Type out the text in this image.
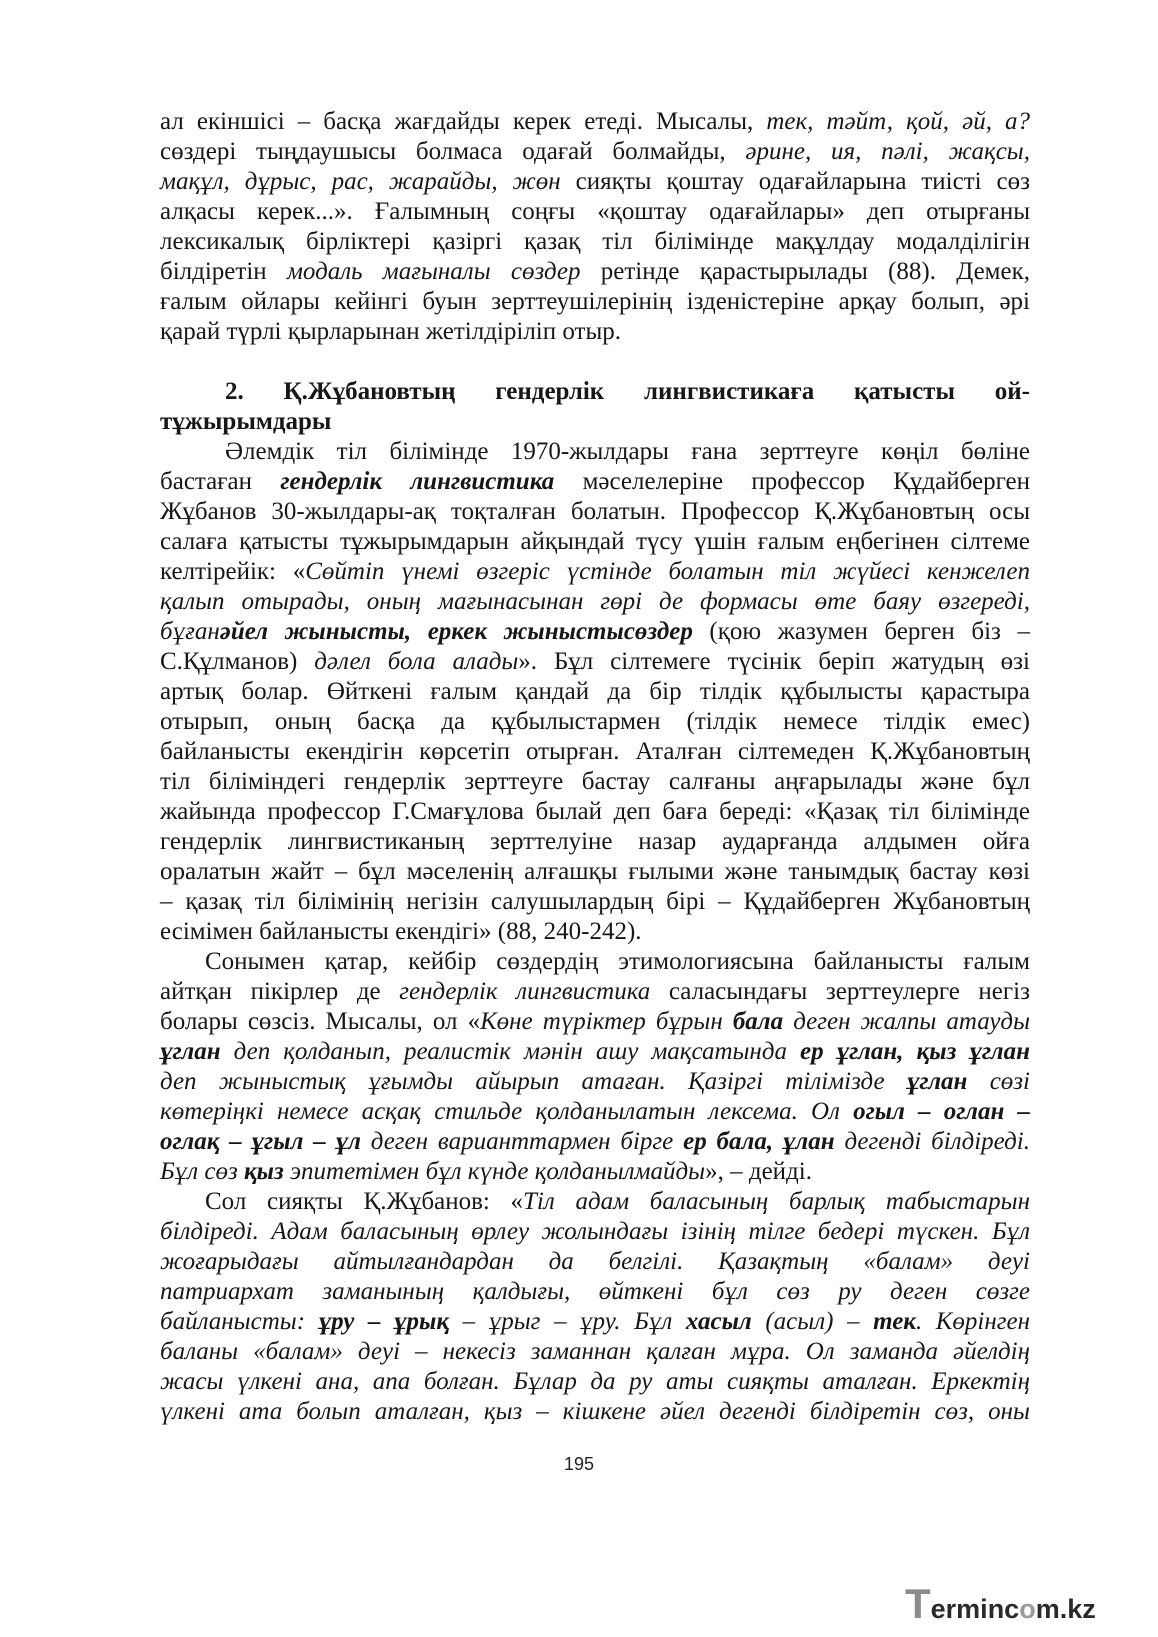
ал екіншісі – басқа жағдайды керек етеді. Мысалы, тек, тәйт, қой, әй, а?
сөздері тыңдаушысы болмаса одағай болмайды, әрине, ия, пәлі, жақсы,
мақұл, дұрыс, рас, жарайды, жөн сияқты қоштау одағайларына тиісті сөз
алқасы керек...». Ғалымның соңғы «қоштау одағайлары» деп отырғаны
лексикалық бірліктері қазіргі қазақ тіл білімінде мақұлдау модалділігін
білдіретін модаль мағыналы сөздер ретінде қарастырылады (88). Демек,
ғалым ойлары кейінгі буын зерттеушілерінің ізденістеріне арқау болып, әрі
қарай түрлі қырларынан жетілдіріліп отыр.
2. Қ.Жұбановтың гендерлік лингвистикаға қатысты ой-
тұжырымдары
Әлемдік тіл білімінде 1970-жылдары ғана зерттеуге көңіл бөліне
бастаған гендерлік лингвистика мәселелеріне профессор Құдайберген
Жұбанов 30-жылдары-ақ тоқталған болатын. Профессор Қ.Жұбановтың осы
салаға қатысты тұжырымдарын айқындай түсу үшін ғалым еңбегінен сілтеме
келтірейік: «Сөйтіп үнемі өзгеріс үстінде болатын тіл жүйесі кенжелеп
қалып отырады, оның мағынасынан гөрі де формасы өте баяу өзгереді,
бұғанәйел жынысты, еркек жыныстысөздер (қою жазумен берген біз –
С.Құлманов) дәлел бола алады». Бұл сілтемеге түсінік беріп жатудың өзі
артық болар. Өйткені ғалым қандай да бір тілдік құбылысты қарастыра
отырып, оның басқа да құбылыстармен (тілдік немесе тілдік емес)
байланысты екендігін көрсетіп отырған. Аталған сілтемеден Қ.Жұбановтың
тіл біліміндегі гендерлік зерттеуге бастау салғаны аңғарылады және бұл
жайында профессор Г.Смағұлова былай деп баға береді: «Қазақ тіл білімінде
гендерлік лингвистиканың зерттелуіне назар аударғанда алдымен ойға
оралатын жайт – бұл мәселенің алғашқы ғылыми және танымдық бастау көзі
– қазақ тіл білімінің негізін салушылардың бірі – Құдайберген Жұбановтың
есімімен байланысты екендігі» (88, 240-242).
Сонымен қатар, кейбір сөздердің этимологиясына байланысты ғалым
айтқан пікірлер де гендерлік лингвистика саласындағы зерттеулерге негіз
болары сөзсіз. Мысалы, ол «Көне түріктер бұрын бала деген жалпы атауды
ұглан деп қолданып, реалистік мәнін ашу мақсатында ер ұглан, қыз ұглан
деп жыныстық ұғымды айырып атаған. Қазіргі тілімізде ұглан сөзі
көтеріңкі немесе асқақ стильде қолданылатын лексема. Ол огыл – оглан –
оглақ – ұгыл – ұл деген варианттармен бірге ер бала, ұлан дегенді білдіреді.
Бұл сөз қыз эпитетімен бұл күнде қолданылмайды», – дейді.
Сол сияқты Қ.Жұбанов: «Тіл адам баласының барлық табыстарын
білдіреді. Адам баласының өрлеу жолындағы ізінің тілге бедері түскен. Бұл
жоғарыдағы айтылғандардан да белгілі. Қазақтың «балам» деуі
патриархат заманының қалдығы, өйткені бұл сөз ру деген сөзге
байланысты: ұру – ұрық – ұрыг – ұру. Бұл хасыл (асыл) – тек. Көрінген
баланы «балам» деуі – некесіз заманнан қалған мұра. Ол заманда әйелдің
жасы үлкені ана, апа болған. Бұлар да ру аты сияқты аталған. Еркектің
үлкені ата болып аталған, қыз – кішкене әйел дегенді білдіретін сөз, оны
195
T erminc o m.kz
